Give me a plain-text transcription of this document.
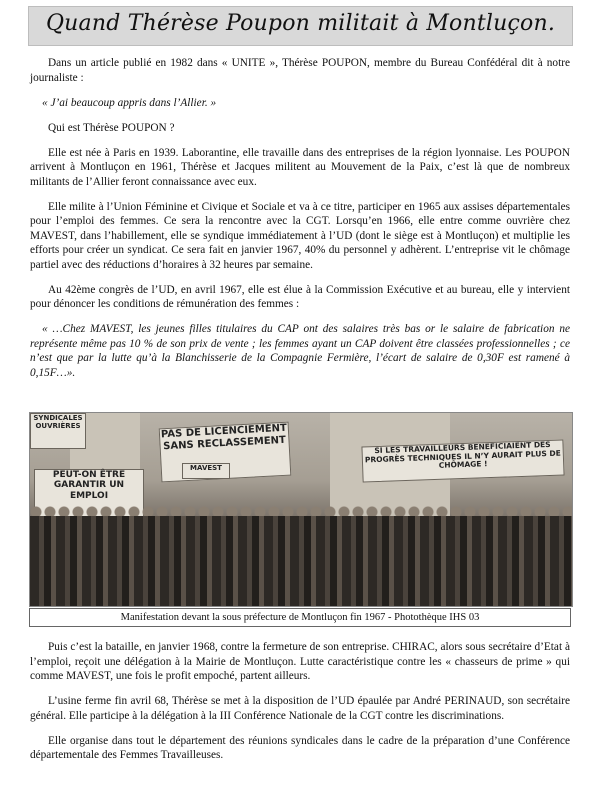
Quand Thérèse Poupon militait à Montluçon.

Dans un article publié en 1982 dans « UNITE », Thérèse POUPON, membre du Bureau Confédéral dit à notre journaliste :

« J’ai beaucoup appris dans l’Allier. »

Qui est Thérèse POUPON ?

Elle est née à Paris en 1939. Laborantine, elle travaille dans des entreprises de la région lyonnaise. Les POUPON arrivent à Montluçon en 1961, Thérèse et Jacques militent au Mouvement de la Paix, c’est là que de nombreux militants de l’Allier feront connaissance avec eux.

Elle milite à l’Union Féminine et Civique et Sociale et va à ce titre, participer en 1965 aux assises départementales pour l’emploi des femmes. Ce sera la rencontre avec la CGT. Lorsqu’en 1966, elle entre comme ouvrière chez MAVEST, dans l’habillement, elle se syndique immédiatement à l’UD (dont le siège est à Montluçon) et multiplie les efforts pour créer un syndicat. Ce sera fait en janvier 1967, 40% du personnel y adhèrent. L’entreprise vit le chômage partiel avec des réductions d’horaires à 32 heures par semaine.

Au 42ème congrès de l’UD, en avril 1967, elle est élue à la Commission Exécutive et au bureau, elle y intervient pour dénoncer les conditions de rémunération des femmes :

« …Chez MAVEST, les jeunes filles titulaires du CAP ont des salaires très bas or le salaire de fabrication ne représente même pas 10 % de son prix de vente ; les femmes ayant un CAP doivent être classées professionnelles ; ce n’est que par la lutte qu’à la Blanchisserie de la Compagnie Fermière, l’écart de salaire de 0,30F est ramené à 0,15F…».

SYNDICALES OUVRIÈRES	PAS DE LICENCIEMENT SANS RECLASSEMENT	SI LES TRAVAILLEURS BENEFICIAIENT DES PROGRÈS TECHNIQUES IL N’Y AURAIT PLUS DE CHÔMAGE !
PEUT-ON ÊTRE GARANTIR UN EMPLOI
MAVEST
Manifestation devant la sous préfecture de Montluçon fin 1967 - Photothèque IHS 03

Puis c’est la bataille, en janvier 1968, contre la fermeture de son entreprise. CHIRAC, alors sous secrétaire d’Etat à l’emploi, reçoit une délégation à la Mairie de Montluçon. Lutte caractéristique contre les « chasseurs de prime » qui comme MAVEST, une fois le profit empoché, partent ailleurs.

L’usine ferme fin avril 68, Thérèse se met à la disposition de l’UD épaulée par André PERINAUD, son secrétaire général. Elle participe à la délégation à la III Conférence Nationale de la CGT contre les discriminations.

Elle organise dans tout le département des réunions syndicales dans le cadre de la préparation d’une Conférence départementale des Femmes Travailleuses.
